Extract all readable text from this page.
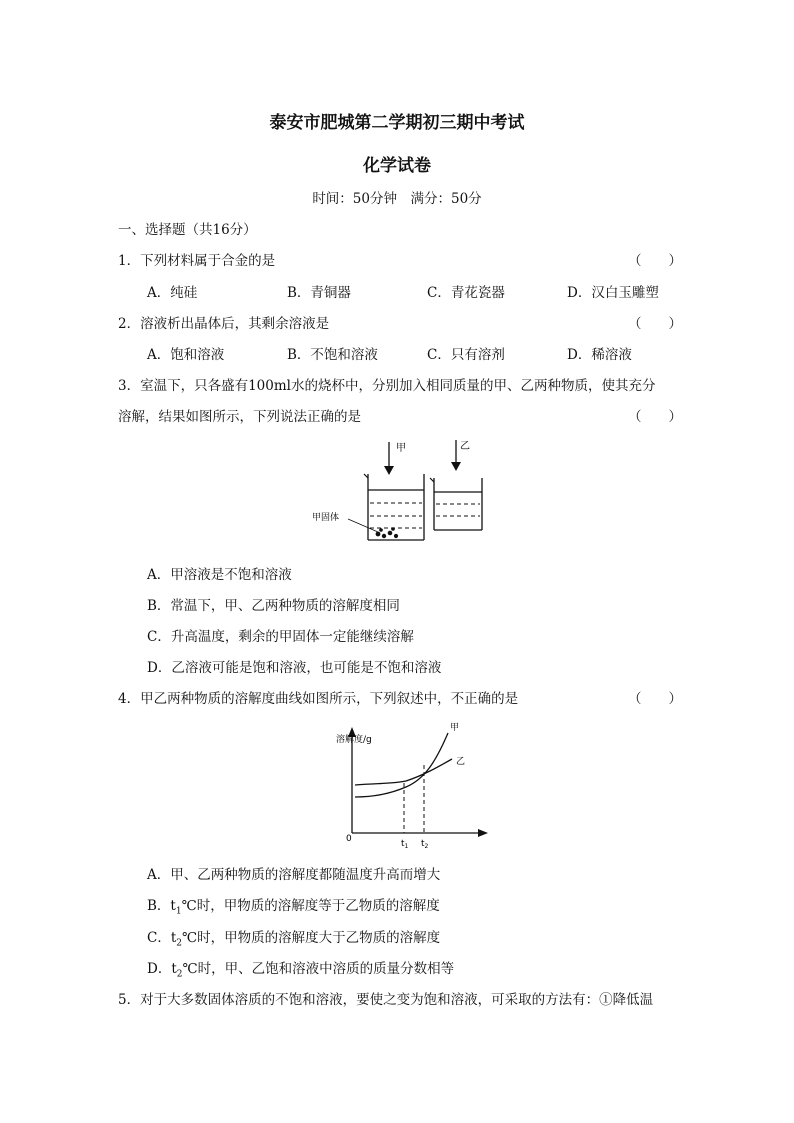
泰安市肥城第二学期初三期中考试
化学试卷
时间：50分钟　满分：50分
一、选择题（共16分）
1．下列材料属于合金的是	（　　）
A．纯硅	B．青铜器	C．青花瓷器	D．汉白玉雕塑
2．溶液析出晶体后，其剩余溶液是	（　　）
A．饱和溶液	B．不饱和溶液	C．只有溶剂	D．稀溶液
3．室温下，只各盛有100ml水的烧杯中，分别加入相同质量的甲、乙两种物质，使其充分
溶解，结果如图所示，下列说法正确的是	（　　）
甲
甲固体
乙
A．甲溶液是不饱和溶液
B．常温下，甲、乙两种物质的溶解度相同
C．升高温度，剩余的甲固体一定能继续溶解
D．乙溶液可能是饱和溶液，也可能是不饱和溶液
4．甲乙两种物质的溶解度曲线如图所示，下列叙述中，不正确的是	（　　）
溶解度/g
0
甲
乙
$t_1$ $t_2$
A．甲、乙两种物质的溶解度都随温度升高而增大
B．$t_1℃$时，甲物质的溶解度等于乙物质的溶解度
C．$t_2℃$时，甲物质的溶解度大于乙物质的溶解度
D．$t_2℃$时，甲、乙饱和溶液中溶质的质量分数相等
5．对于大多数固体溶质的不饱和溶液，要使之变为饱和溶液，可采取的方法有：①降低温
